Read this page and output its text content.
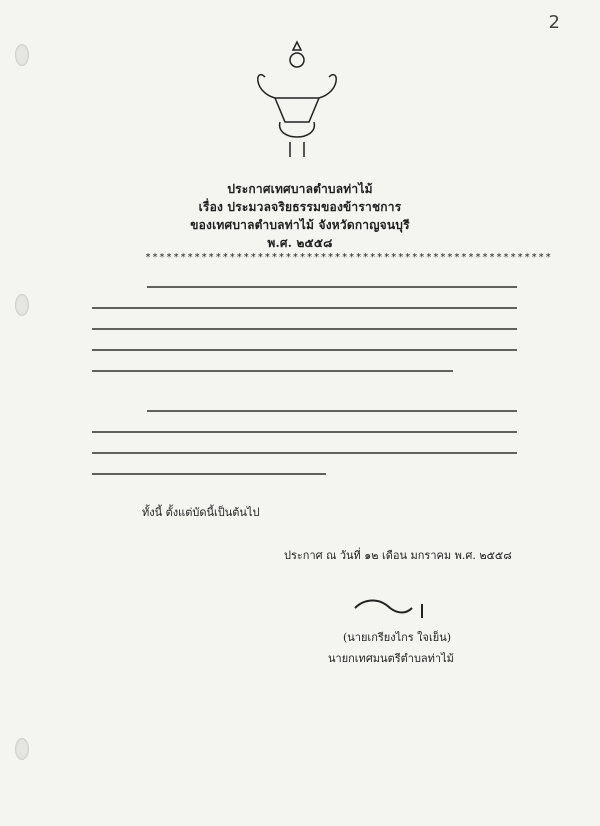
2
ประกาศเทศบาลตำบลท่าไม้
เรื่อง ประมวลจริยธรรมของข้าราชการ
ของเทศบาลตำบลท่าไม้ จังหวัดกาญจนบุรี
พ.ศ. ๒๕๕๘
**********************************************************
ทั้งนี้ ตั้งแต่บัดนี้เป็นต้นไป
ประกาศ ณ วันที่ ๑๒ เดือน มกราคม พ.ศ. ๒๕๕๘
(นายเกรียงไกร ใจเย็น)
นายกเทศมนตรีตำบลท่าไม้
